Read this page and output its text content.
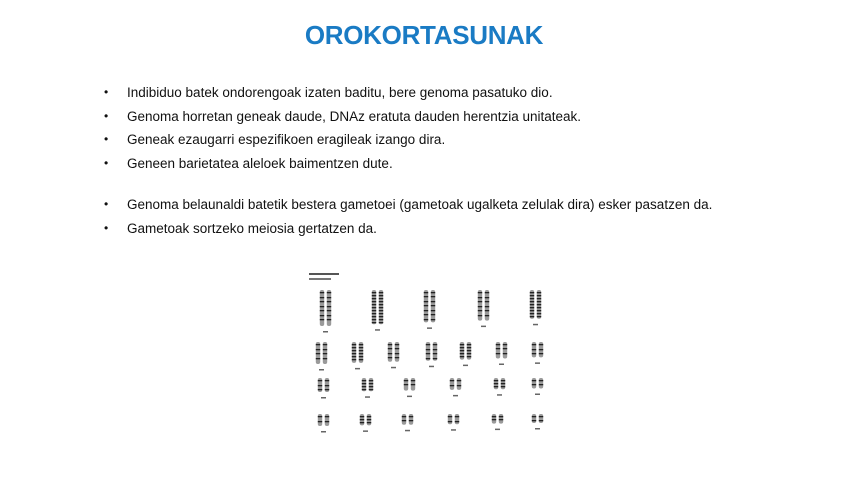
OROKORTASUNAK
• Indibiduo batek ondorengoak izaten baditu, bere genoma pasatuko dio.
• Genoma horretan geneak daude, DNAz eratuta dauden herentzia unitateak.
• Geneak ezaugarri espezifikoen eragileak izango dira.
• Geneen barietatea aleloek baimentzen dute.
• Genoma belaunaldi batetik bestera gametoei (gametoak ugalketa zelulak dira) esker pasatzen da.
• Gametoak sortzeko meiosia gertatzen da.
